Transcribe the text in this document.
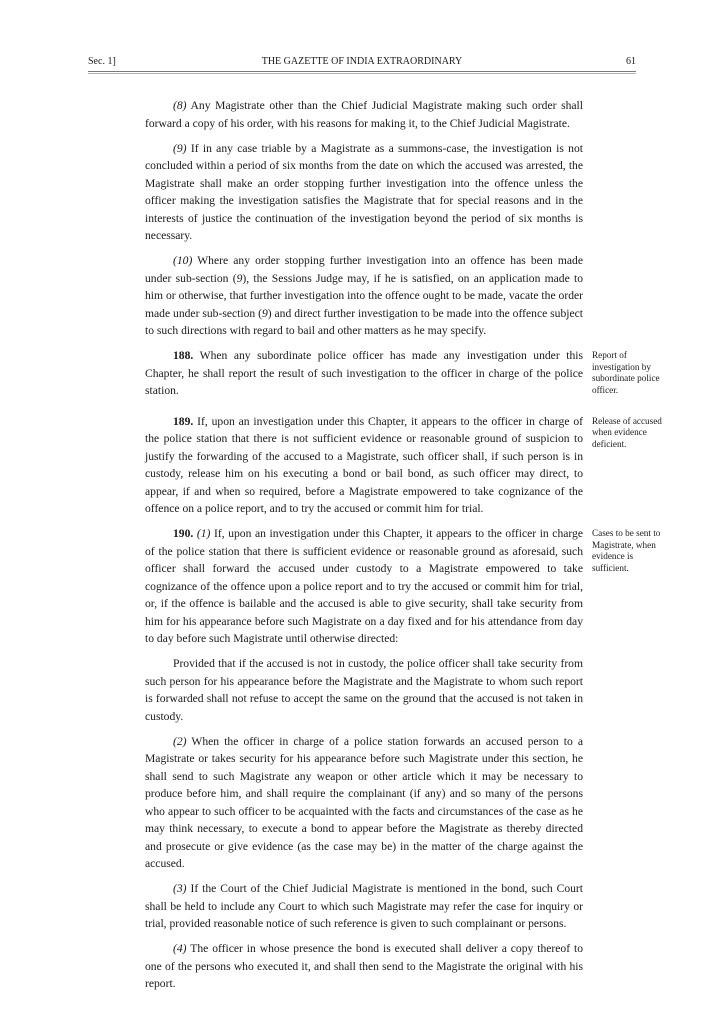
Sec. 1]	THE GAZETTE OF INDIA EXTRAORDINARY	61

(8) Any Magistrate other than the Chief Judicial Magistrate making such order shall forward a copy of his order, with his reasons for making it, to the Chief Judicial Magistrate.

(9) If in any case triable by a Magistrate as a summons-case, the investigation is not concluded within a period of six months from the date on which the accused was arrested, the Magistrate shall make an order stopping further investigation into the offence unless the officer making the investigation satisfies the Magistrate that for special reasons and in the interests of justice the continuation of the investigation beyond the period of six months is necessary.

(10) Where any order stopping further investigation into an offence has been made under sub-section (9), the Sessions Judge may, if he is satisfied, on an application made to him or otherwise, that further investigation into the offence ought to be made, vacate the order made under sub-section (9) and direct further investigation to be made into the offence subject to such directions with regard to bail and other matters as he may specify.

188. When any subordinate police officer has made any investigation under this Chapter, he shall report the result of such investigation to the officer in charge of the police station.
Report of investigation by subordinate police officer.

189. If, upon an investigation under this Chapter, it appears to the officer in charge of the police station that there is not sufficient evidence or reasonable ground of suspicion to justify the forwarding of the accused to a Magistrate, such officer shall, if such person is in custody, release him on his executing a bond or bail bond, as such officer may direct, to appear, if and when so required, before a Magistrate empowered to take cognizance of the offence on a police report, and to try the accused or commit him for trial.
Release of accused when evidence deficient.

190. (1) If, upon an investigation under this Chapter, it appears to the officer in charge of the police station that there is sufficient evidence or reasonable ground as aforesaid, such officer shall forward the accused under custody to a Magistrate empowered to take cognizance of the offence upon a police report and to try the accused or commit him for trial, or, if the offence is bailable and the accused is able to give security, shall take security from him for his appearance before such Magistrate on a day fixed and for his attendance from day to day before such Magistrate until otherwise directed:
Cases to be sent to Magistrate, when evidence is sufficient.

Provided that if the accused is not in custody, the police officer shall take security from such person for his appearance before the Magistrate and the Magistrate to whom such report is forwarded shall not refuse to accept the same on the ground that the accused is not taken in custody.

(2) When the officer in charge of a police station forwards an accused person to a Magistrate or takes security for his appearance before such Magistrate under this section, he shall send to such Magistrate any weapon or other article which it may be necessary to produce before him, and shall require the complainant (if any) and so many of the persons who appear to such officer to be acquainted with the facts and circumstances of the case as he may think necessary, to execute a bond to appear before the Magistrate as thereby directed and prosecute or give evidence (as the case may be) in the matter of the charge against the accused.

(3) If the Court of the Chief Judicial Magistrate is mentioned in the bond, such Court shall be held to include any Court to which such Magistrate may refer the case for inquiry or trial, provided reasonable notice of such reference is given to such complainant or persons.

(4) The officer in whose presence the bond is executed shall deliver a copy thereof to one of the persons who executed it, and shall then send to the Magistrate the original with his report.
